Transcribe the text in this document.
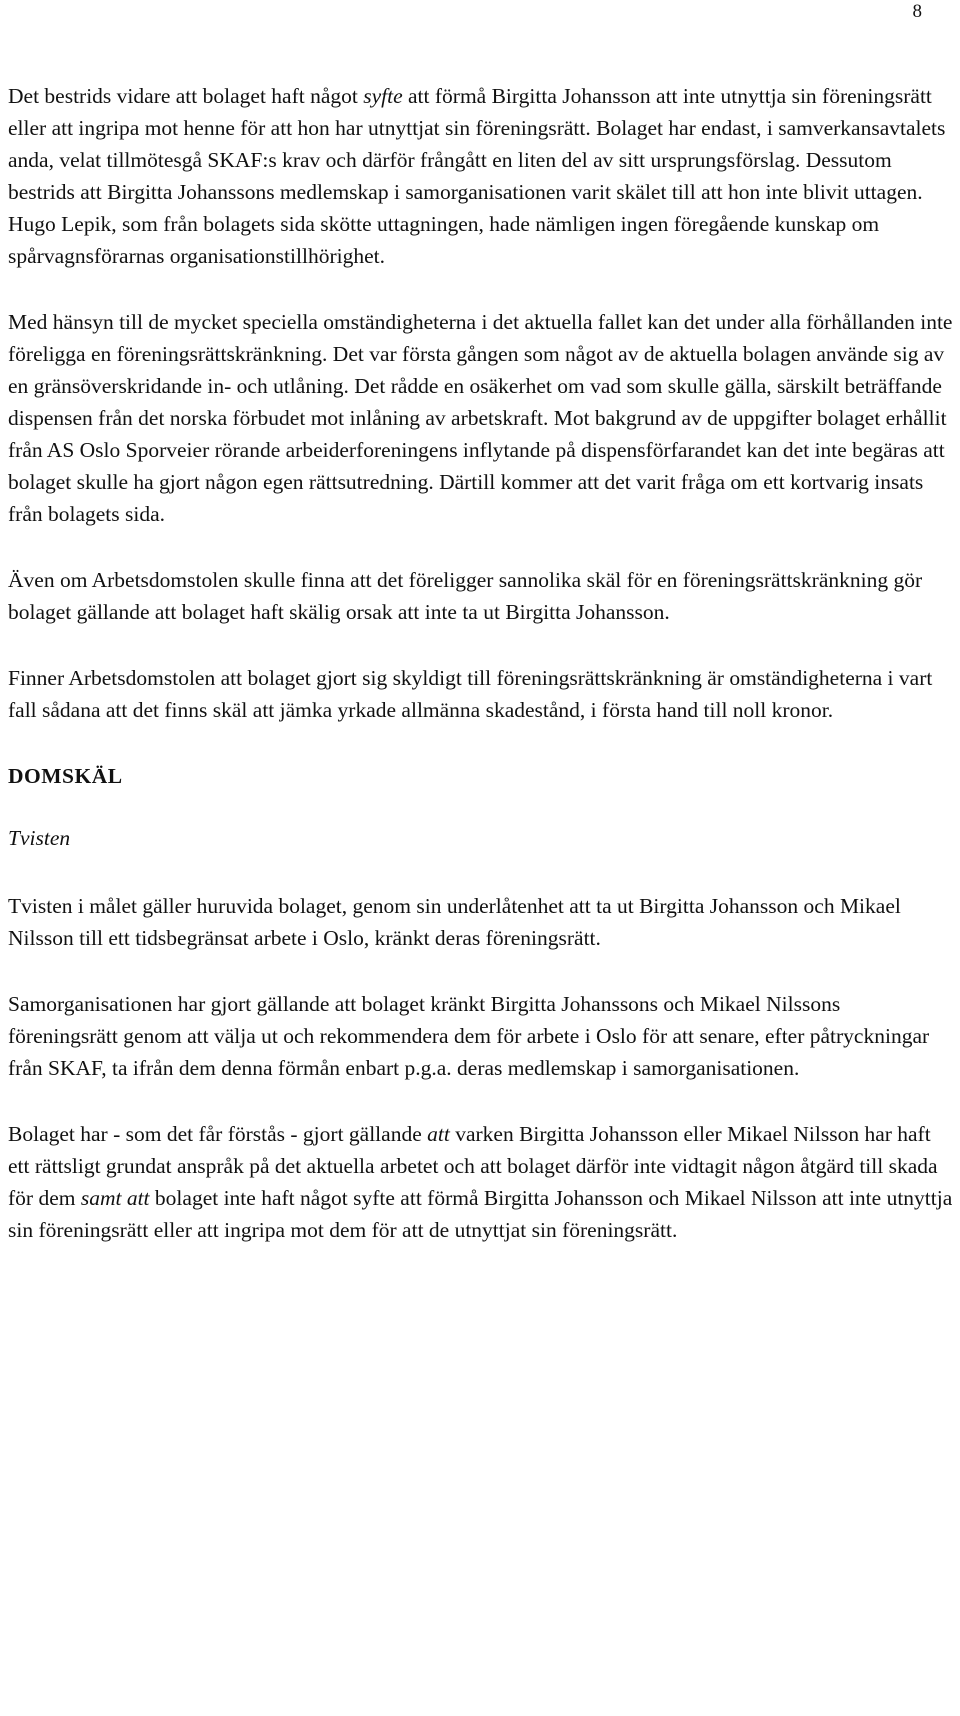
8

Det bestrids vidare att bolaget haft något syfte att förmå Birgitta Johansson att inte utnyttja sin föreningsrätt eller att ingripa mot henne för att hon har utnyttjat sin föreningsrätt. Bolaget har endast, i samverkansavtalets anda, velat tillmötesgå SKAF:s krav och därför frångått en liten del av sitt ursprungsförslag. Dessutom bestrids att Birgitta Johanssons medlemskap i samorganisationen varit skälet till att hon inte blivit uttagen. Hugo Lepik, som från bolagets sida skötte uttagningen, hade nämligen ingen föregående kunskap om spårvagnsförarnas organisationstillhörighet.

Med hänsyn till de mycket speciella omständigheterna i det aktuella fallet kan det under alla förhållanden inte föreligga en föreningsrättskränkning. Det var första gången som något av de aktuella bolagen använde sig av en gränsöverskridande in- och utlåning. Det rådde en osäkerhet om vad som skulle gälla, särskilt beträffande dispensen från det norska förbudet mot inlåning av arbetskraft. Mot bakgrund av de uppgifter bolaget erhållit från AS Oslo Sporveier rörande arbeiderforeningens inflytande på dispensförfarandet kan det inte begäras att bolaget skulle ha gjort någon egen rättsutredning. Därtill kommer att det varit fråga om ett kortvarig insats från bolagets sida.

Även om Arbetsdomstolen skulle finna att det föreligger sannolika skäl för en föreningsrättskränkning gör bolaget gällande att bolaget haft skälig orsak att inte ta ut Birgitta Johansson.

Finner Arbetsdomstolen att bolaget gjort sig skyldigt till föreningsrättskränkning är omständigheterna i vart fall sådana att det finns skäl att jämka yrkade allmänna skadestånd, i första hand till noll kronor.

DOMSKÄL

Tvisten

Tvisten i målet gäller huruvida bolaget, genom sin underlåtenhet att ta ut Birgitta Johansson och Mikael Nilsson till ett tidsbegränsat arbete i Oslo, kränkt deras föreningsrätt.

Samorganisationen har gjort gällande att bolaget kränkt Birgitta Johanssons och Mikael Nilssons föreningsrätt genom att välja ut och rekommendera dem för arbete i Oslo för att senare, efter påtryckningar från SKAF, ta ifrån dem denna förmån enbart p.g.a. deras medlemskap i samorganisationen.

Bolaget har - som det får förstås - gjort gällande att varken Birgitta Johansson eller Mikael Nilsson har haft ett rättsligt grundat anspråk på det aktuella arbetet och att bolaget därför inte vidtagit någon åtgärd till skada för dem samt att bolaget inte haft något syfte att förmå Birgitta Johansson och Mikael Nilsson att inte utnyttja sin föreningsrätt eller att ingripa mot dem för att de utnyttjat sin föreningsrätt.
